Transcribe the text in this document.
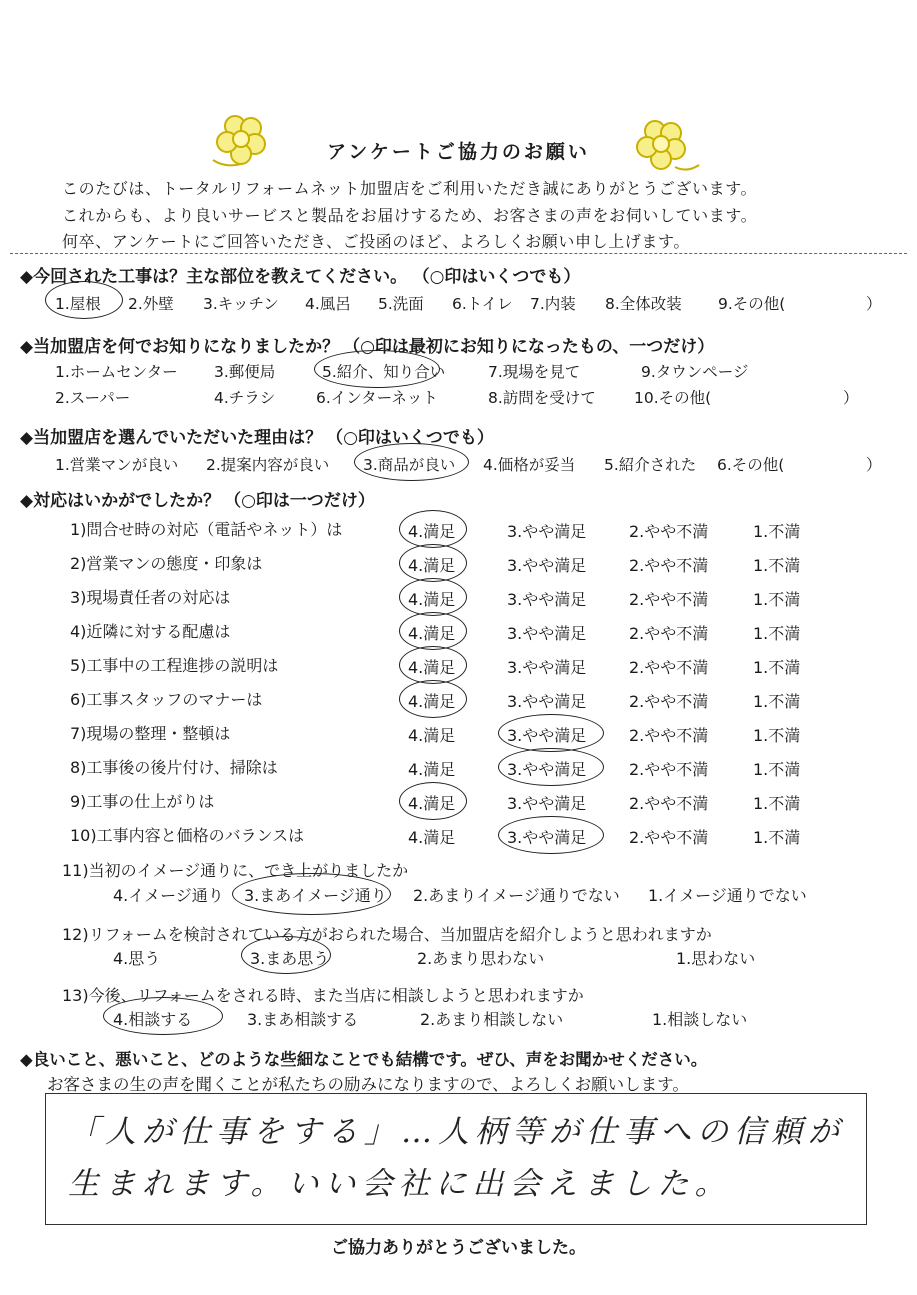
アンケートご協力のお願い
このたびは、トータルリフォームネット加盟店をご利用いただき誠にありがとうございます。
これからも、より良いサービスと製品をお届けするため、お客さまの声をお伺いしています。
何卒、アンケートにご回答いただき、ご投函のほど、よろしくお願い申し上げます。
◆今回された工事は？主な部位を教えてください。 （○印はいくつでも）
1.屋根 2.外壁 3.キッチン 4.風呂 5.洗面 6.トイレ 7.内装 8.全体改装 9.その他(	）
◆当加盟店を何でお知りになりましたか？ （○印は最初にお知りになったもの、一つだけ）
1.ホームセンター 3.郵便局	5.紹介、知り合い	7.現場を見て	9.タウンページ
2.スーパー	4.チラシ	6.インターネット	8.訪問を受けて 10.その他(	）
◆当加盟店を選んでいただいた理由は？ （○印はいくつでも）
1.営業マンが良い 2.提案内容が良い 3.商品が良い 4.価格が妥当 5.紹介された 6.その他(	）
◆対応はいかがでしたか？ （○印は一つだけ）
1)問合せ時の対応（電話やネット）は	4.満足	3.やや満足	2.やや不満	1.不満
2)営業マンの態度・印象は	4.満足	3.やや満足	2.やや不満	1.不満
3)現場責任者の対応は	4.満足	3.やや満足	2.やや不満	1.不満
4)近隣に対する配慮は	4.満足	3.やや満足	2.やや不満	1.不満
5)工事中の工程進捗の説明は	4.満足	3.やや満足	2.やや不満	1.不満
6)工事スタッフのマナーは	4.満足	3.やや満足	2.やや不満	1.不満
7)現場の整理・整頓は	4.満足	3.やや満足	2.やや不満	1.不満
8)工事後の後片付け、掃除は	4.満足	3.やや満足	2.やや不満	1.不満
9)工事の仕上がりは	4.満足	3.やや満足	2.やや不満	1.不満
10)工事内容と価格のバランスは	4.満足	3.やや満足	2.やや不満	1.不満
11)当初のイメージ通りに、でき上がりましたか
4.イメージ通り 3.まあイメージ通り 2.あまりイメージ通りでない 1.イメージ通りでない
12)リフォームを検討されている方がおられた場合、当加盟店を紹介しようと思われますか
4.思う	3.まあ思う	2.あまり思わない	1.思わない
13)今後、リフォームをされる時、また当店に相談しようと思われますか
4.相談する	3.まあ相談する	2.あまり相談しない	1.相談しない
◆良いこと、悪いこと、どのような些細なことでも結構です。ぜひ、声をお聞かせください。
お客さまの生の声を聞くことが私たちの励みになりますので、よろしくお願いします。
「人が仕事をする」…人柄等が仕事への信頼が
生まれます。いい会社に出会えました。
ご協力ありがとうございました。
